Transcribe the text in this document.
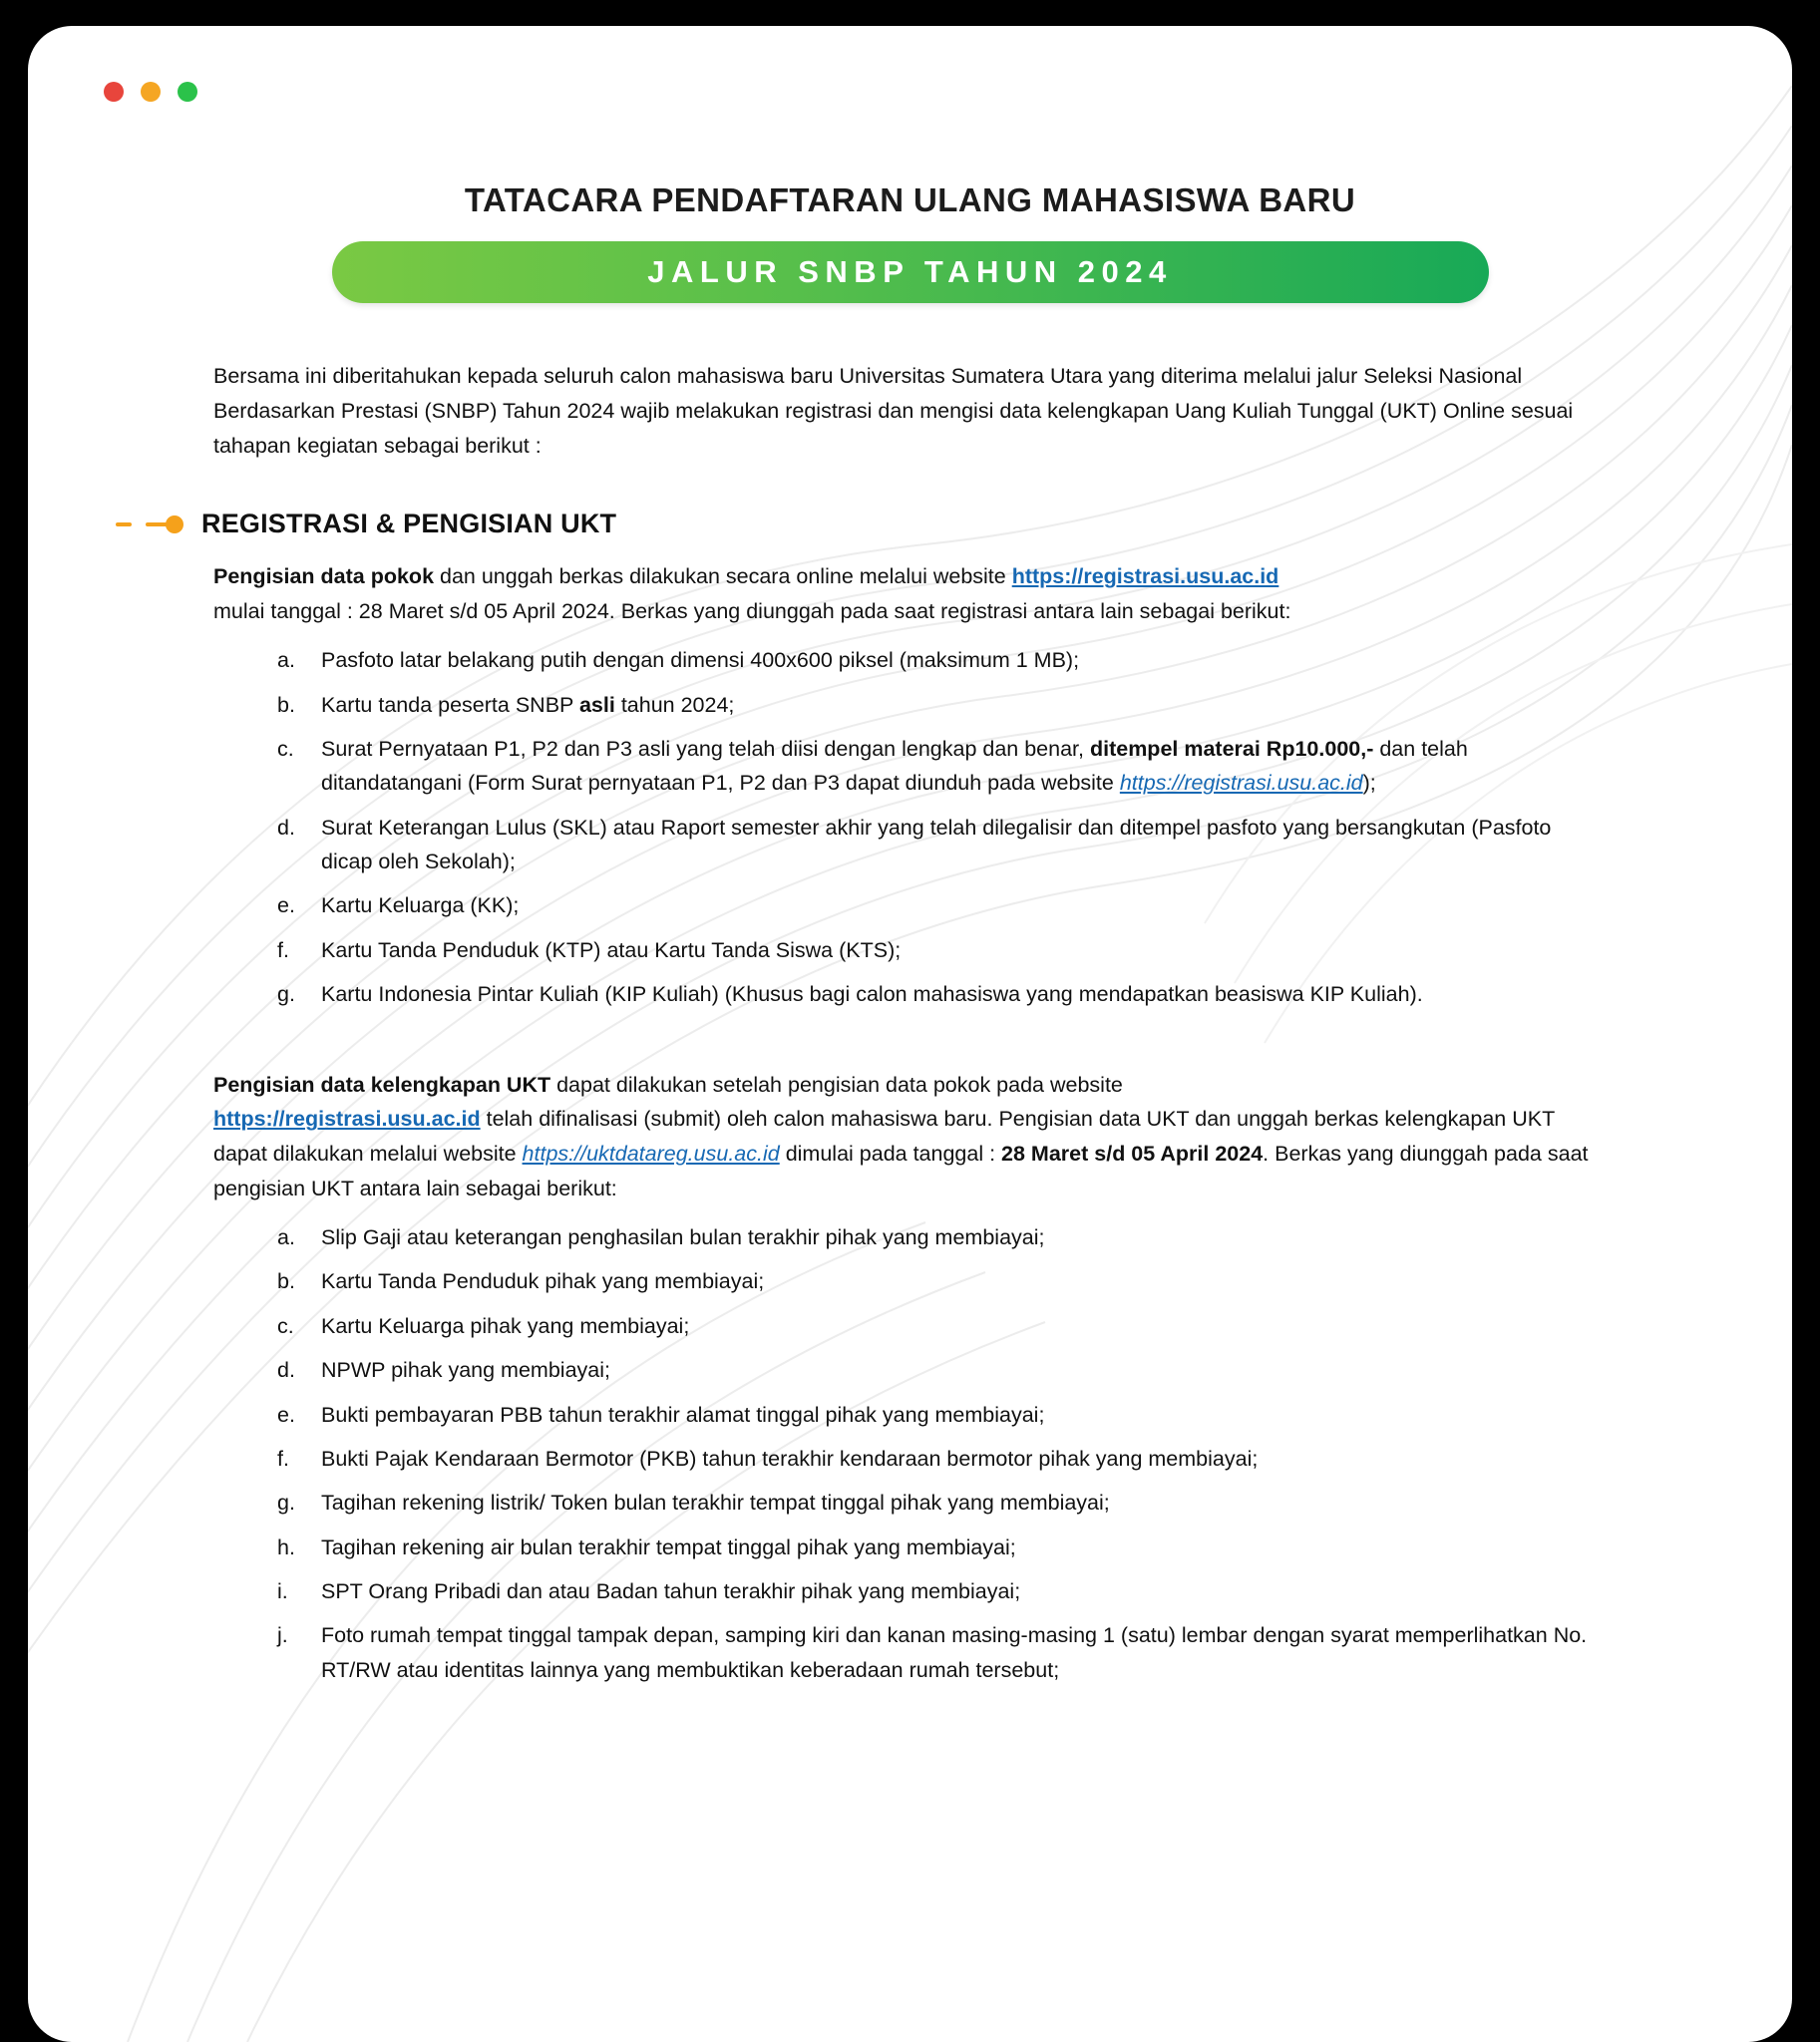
TATACARA PENDAFTARAN ULANG MAHASISWA BARU
JALUR SNBP TAHUN 2024
Bersama ini diberitahukan kepada seluruh calon mahasiswa baru Universitas Sumatera Utara yang diterima melalui jalur Seleksi Nasional Berdasarkan Prestasi (SNBP) Tahun 2024 wajib melakukan registrasi dan mengisi data kelengkapan Uang Kuliah Tunggal (UKT) Online sesuai tahapan kegiatan sebagai berikut :
REGISTRASI & PENGISIAN UKT
Pengisian data pokok dan unggah berkas dilakukan secara online melalui website https://registrasi.usu.ac.id
mulai tanggal : 28 Maret s/d 05 April 2024. Berkas yang diunggah pada saat registrasi antara lain sebagai berikut:
a.	Pasfoto latar belakang putih dengan dimensi 400x600 piksel (maksimum 1 MB);
b.	Kartu tanda peserta SNBP asli tahun 2024;
c.	Surat Pernyataan P1, P2 dan P3 asli yang telah diisi dengan lengkap dan benar, ditempel materai Rp10.000,- dan telah ditandatangani (Form Surat pernyataan P1, P2 dan P3 dapat diunduh pada website https://registrasi.usu.ac.id);
d.	Surat Keterangan Lulus (SKL) atau Raport semester akhir yang telah dilegalisir dan ditempel pasfoto yang bersangkutan (Pasfoto dicap oleh Sekolah);
e.	Kartu Keluarga (KK);
f.	Kartu Tanda Penduduk (KTP) atau Kartu Tanda Siswa (KTS);
g.	Kartu Indonesia Pintar Kuliah (KIP Kuliah) (Khusus bagi calon mahasiswa yang mendapatkan beasiswa KIP Kuliah).
Pengisian data kelengkapan UKT dapat dilakukan setelah pengisian data pokok pada website
https://registrasi.usu.ac.id telah difinalisasi (submit) oleh calon mahasiswa baru. Pengisian data UKT dan unggah berkas kelengkapan UKT dapat dilakukan melalui website https://uktdatareg.usu.ac.id dimulai pada tanggal : 28 Maret s/d 05 April 2024. Berkas yang diunggah pada saat pengisian UKT antara lain sebagai berikut:
a.	Slip Gaji atau keterangan penghasilan bulan terakhir pihak yang membiayai;
b.	Kartu Tanda Penduduk pihak yang membiayai;
c.	Kartu Keluarga pihak yang membiayai;
d.	NPWP pihak yang membiayai;
e.	Bukti pembayaran PBB tahun terakhir alamat tinggal pihak yang membiayai;
f.	Bukti Pajak Kendaraan Bermotor (PKB) tahun terakhir kendaraan bermotor pihak yang membiayai;
g.	Tagihan rekening listrik/ Token bulan terakhir tempat tinggal pihak yang membiayai;
h.	Tagihan rekening air bulan terakhir tempat tinggal pihak yang membiayai;
i.	SPT Orang Pribadi dan atau Badan tahun terakhir pihak yang membiayai;
j.	Foto rumah tempat tinggal tampak depan, samping kiri dan kanan masing-masing 1 (satu) lembar dengan syarat memperlihatkan No. RT/RW atau identitas lainnya yang membuktikan keberadaan rumah tersebut;
